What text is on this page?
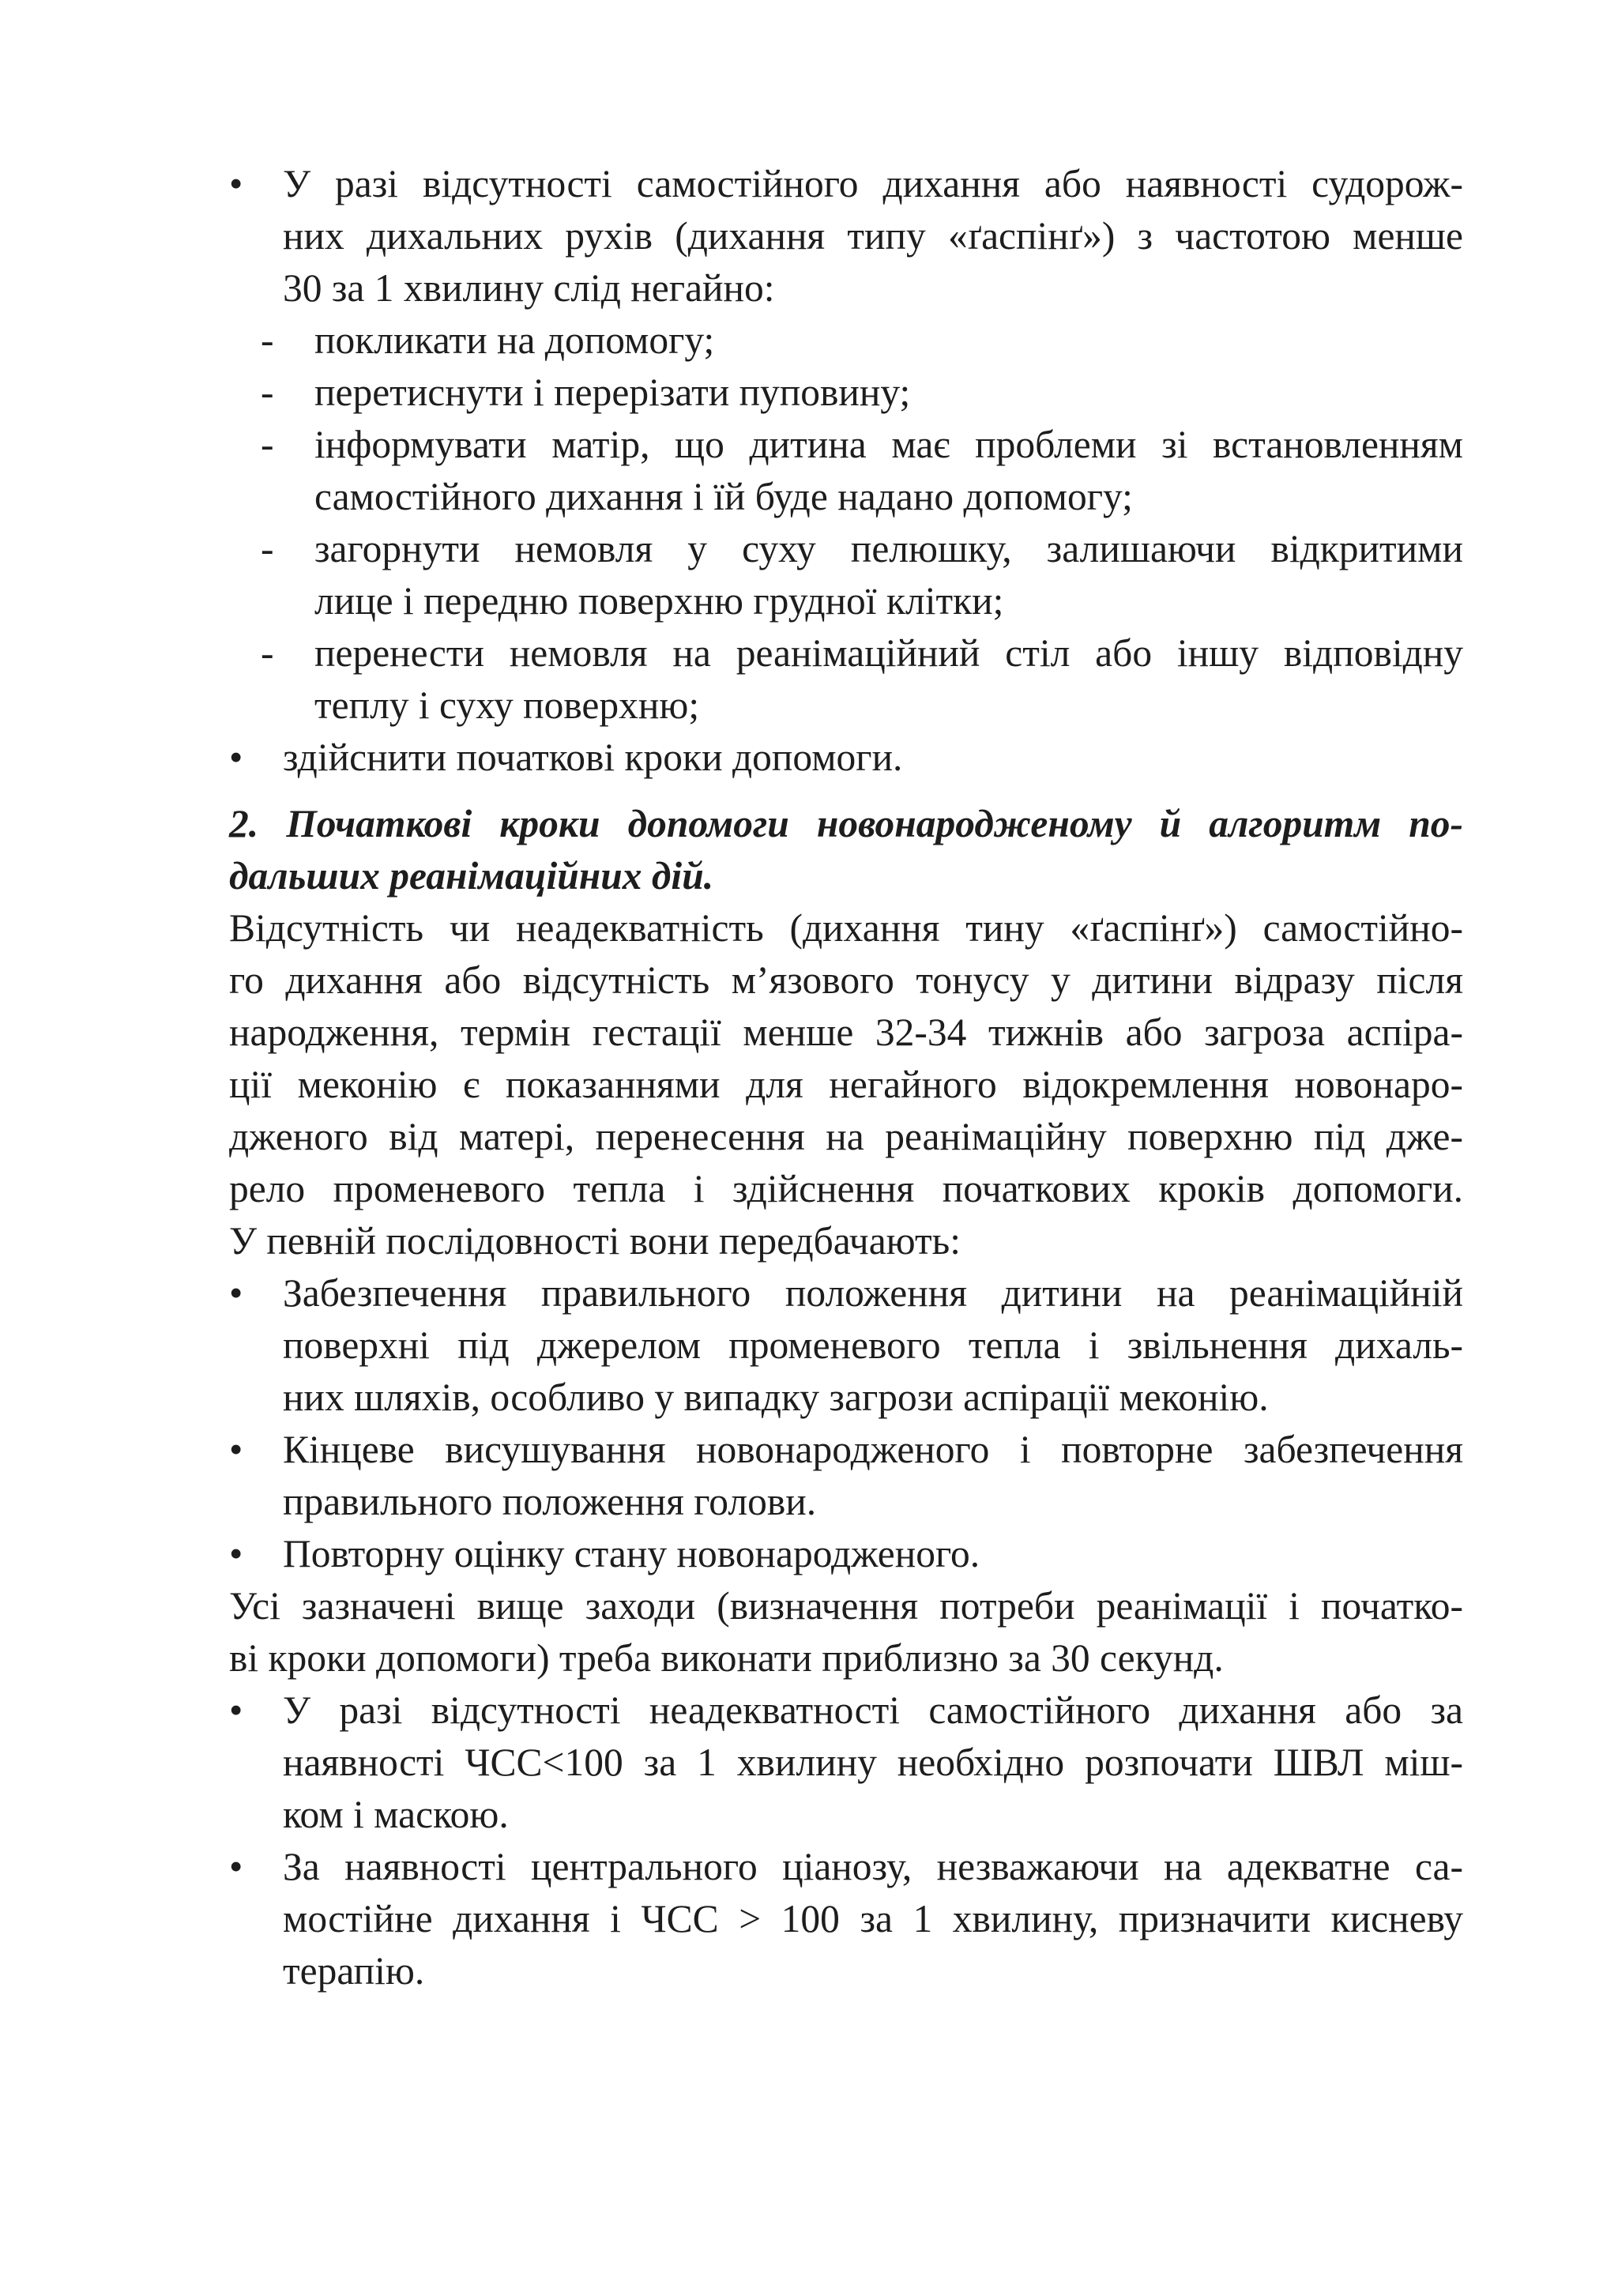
•	У разі відсутності самостійного дихання або наявності судорож-
них дихальних рухів (дихання типу «ґаспінґ») з частотою менше
30 за 1 хвилину слід негайно:
- покликати на допомогу;
- перетиснути і перерізати пуповину;
- інформувати матір, що дитина має проблеми зі встановленням
самостійного дихання і їй буде надано допомогу;
- загорнути немовля у суху пелюшку, залишаючи відкритими
лице і передню поверхню грудної клітки;
- перенести немовля на реанімаційний стіл або іншу відповідну
теплу і суху поверхню;
•	здійснити початкові кроки допомоги.
2. Початкові кроки допомоги новонародженому й алгоритм по-
дальших реанімаційних дій.
Відсутність чи неадекватність (дихання тину «ґаспінґ») самостійно-
го дихання або відсутність м’язового тонусу у дитини відразу після
народження, термін гестації менше 32-34 тижнів або загроза аспіра-
ції меконію є показаннями для негайного відокремлення новонаро-
дженого від матері, перенесення на реанімаційну поверхню під дже-
рело променевого тепла і здійснення початкових кроків допомоги.
У певній послідовності вони передбачають:
•	Забезпечення правильного положення дитини на реанімаційній
поверхні під джерелом променевого тепла і звільнення дихаль-
них шляхів, особливо у випадку загрози аспірації меконію.
•	Кінцеве висушування новонародженого і повторне забезпечення
правильного положення голови.
•	Повторну оцінку стану новонародженого.
Усі зазначені вище заходи (визначення потреби реанімації і початко-
ві кроки допомоги) треба виконати приблизно за 30 секунд.
•	У разі відсутності неадекватності самостійного дихання або за
наявності ЧСС<100 за 1 хвилину необхідно розпочати ШВЛ міш-
ком і маскою.
•	За наявності центрального ціанозу, незважаючи на адекватне са-
мостійне дихання і ЧСС > 100 за 1 хвилину, призначити кисневу
терапію.
